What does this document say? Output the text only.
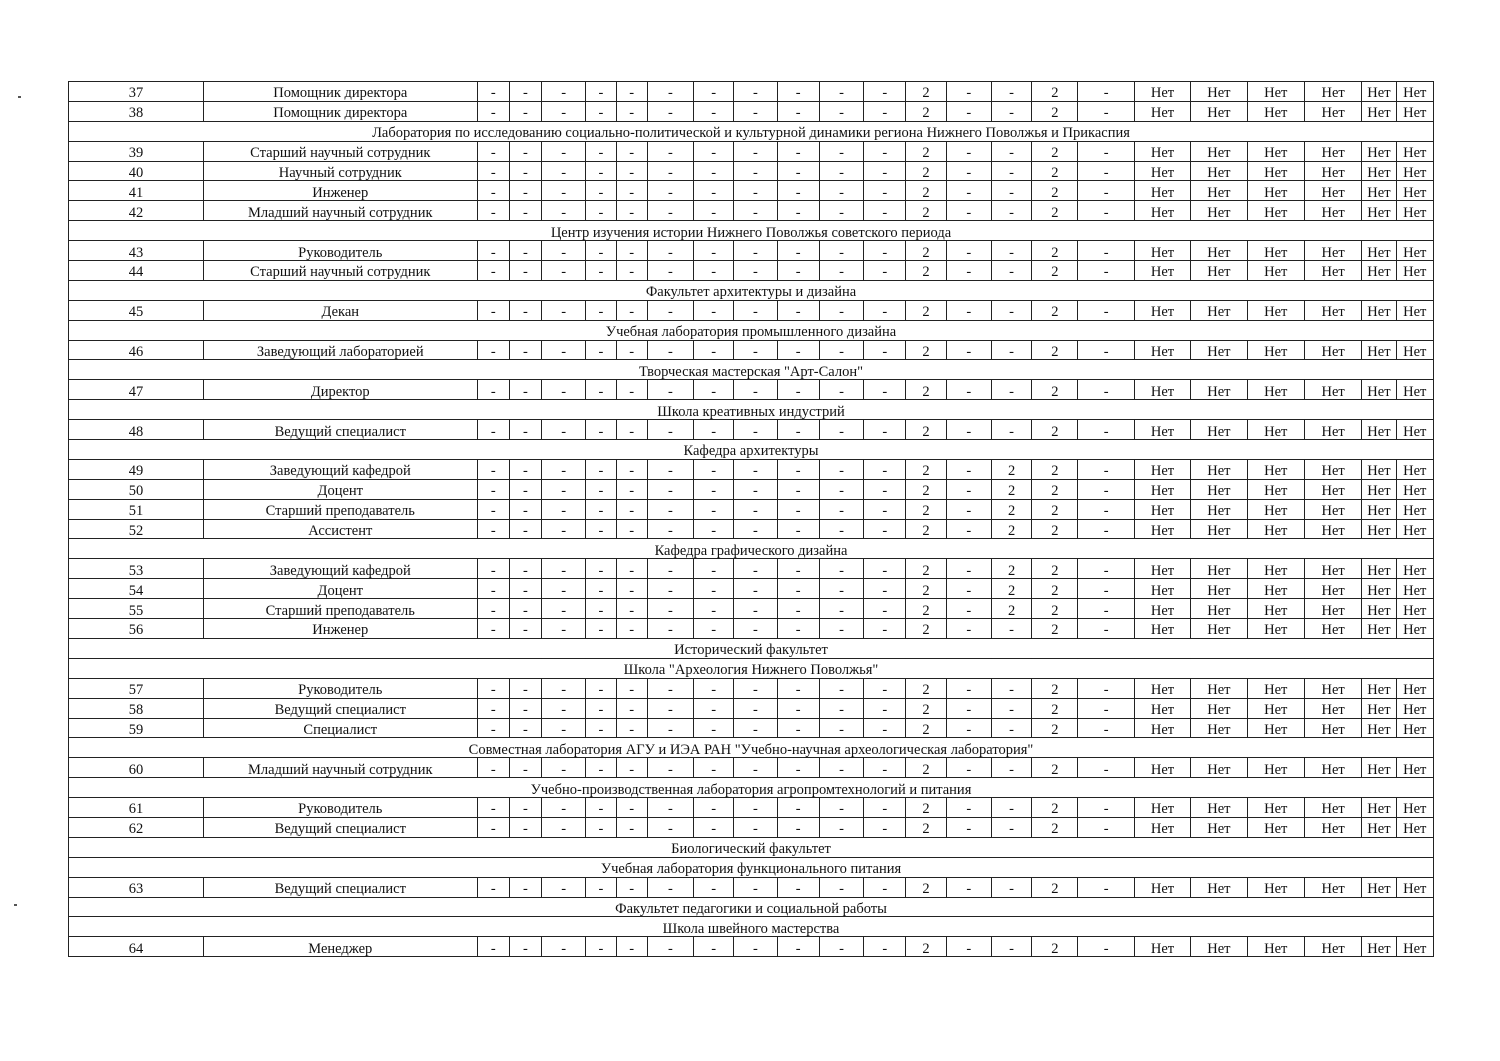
37	Помощник директора	-	-	-	-	-	-	-	-	-	-	-	2	-	-	2	-	Нет	Нет	Нет	Нет	Нет	Нет
38	Помощник директора	-	-	-	-	-	-	-	-	-	-	-	2	-	-	2	-	Нет	Нет	Нет	Нет	Нет	Нет
Лаборатория по исследованию социально-политической и культурной динамики региона Нижнего Поволжья и Прикаспия																							
39	Старший научный сотрудник	-	-	-	-	-	-	-	-	-	-	-	2	-	-	2	-	Нет	Нет	Нет	Нет	Нет	Нет
40	Научный сотрудник	-	-	-	-	-	-	-	-	-	-	-	2	-	-	2	-	Нет	Нет	Нет	Нет	Нет	Нет
41	Инженер	-	-	-	-	-	-	-	-	-	-	-	2	-	-	2	-	Нет	Нет	Нет	Нет	Нет	Нет
42	Младший научный сотрудник	-	-	-	-	-	-	-	-	-	-	-	2	-	-	2	-	Нет	Нет	Нет	Нет	Нет	Нет
Центр изучения истории Нижнего Поволжья советского периода																							
43	Руководитель	-	-	-	-	-	-	-	-	-	-	-	2	-	-	2	-	Нет	Нет	Нет	Нет	Нет	Нет
44	Старший научный сотрудник	-	-	-	-	-	-	-	-	-	-	-	2	-	-	2	-	Нет	Нет	Нет	Нет	Нет	Нет
Факультет архитектуры и дизайна																							
45	Декан	-	-	-	-	-	-	-	-	-	-	-	2	-	-	2	-	Нет	Нет	Нет	Нет	Нет	Нет
Учебная лаборатория промышленного дизайна																							
46	Заведующий лабораторией	-	-	-	-	-	-	-	-	-	-	-	2	-	-	2	-	Нет	Нет	Нет	Нет	Нет	Нет
Творческая мастерская "Арт-Салон"																							
47	Директор	-	-	-	-	-	-	-	-	-	-	-	2	-	-	2	-	Нет	Нет	Нет	Нет	Нет	Нет
Школа креативных индустрий																							
48	Ведущий специалист	-	-	-	-	-	-	-	-	-	-	-	2	-	-	2	-	Нет	Нет	Нет	Нет	Нет	Нет
Кафедра архитектуры																							
49	Заведующий кафедрой	-	-	-	-	-	-	-	-	-	-	-	2	-	2	2	-	Нет	Нет	Нет	Нет	Нет	Нет
50	Доцент	-	-	-	-	-	-	-	-	-	-	-	2	-	2	2	-	Нет	Нет	Нет	Нет	Нет	Нет
51	Старший преподаватель	-	-	-	-	-	-	-	-	-	-	-	2	-	2	2	-	Нет	Нет	Нет	Нет	Нет	Нет
52	Ассистент	-	-	-	-	-	-	-	-	-	-	-	2	-	2	2	-	Нет	Нет	Нет	Нет	Нет	Нет
Кафедра графического дизайна																							
53	Заведующий кафедрой	-	-	-	-	-	-	-	-	-	-	-	2	-	2	2	-	Нет	Нет	Нет	Нет	Нет	Нет
54	Доцент	-	-	-	-	-	-	-	-	-	-	-	2	-	2	2	-	Нет	Нет	Нет	Нет	Нет	Нет
55	Старший преподаватель	-	-	-	-	-	-	-	-	-	-	-	2	-	2	2	-	Нет	Нет	Нет	Нет	Нет	Нет
56	Инженер	-	-	-	-	-	-	-	-	-	-	-	2	-	-	2	-	Нет	Нет	Нет	Нет	Нет	Нет
Исторический факультет																							
Школа "Археология Нижнего Поволжья"																							
57	Руководитель	-	-	-	-	-	-	-	-	-	-	-	2	-	-	2	-	Нет	Нет	Нет	Нет	Нет	Нет
58	Ведущий специалист	-	-	-	-	-	-	-	-	-	-	-	2	-	-	2	-	Нет	Нет	Нет	Нет	Нет	Нет
59	Специалист	-	-	-	-	-	-	-	-	-	-	-	2	-	-	2	-	Нет	Нет	Нет	Нет	Нет	Нет
Совместная лаборатория АГУ и ИЭА РАН "Учебно-научная археологическая лаборатория"																							
60	Младший научный сотрудник	-	-	-	-	-	-	-	-	-	-	-	2	-	-	2	-	Нет	Нет	Нет	Нет	Нет	Нет
Учебно-производственная лаборатория агропромтехнологий и питания																							
61	Руководитель	-	-	-	-	-	-	-	-	-	-	-	2	-	-	2	-	Нет	Нет	Нет	Нет	Нет	Нет
62	Ведущий специалист	-	-	-	-	-	-	-	-	-	-	-	2	-	-	2	-	Нет	Нет	Нет	Нет	Нет	Нет
Биологический факультет																							
Учебная лаборатория функционального питания																							
63	Ведущий специалист	-	-	-	-	-	-	-	-	-	-	-	2	-	-	2	-	Нет	Нет	Нет	Нет	Нет	Нет
Факультет педагогики и социальной работы																							
Школа швейного мастерства																							
64	Менеджер	-	-	-	-	-	-	-	-	-	-	-	2	-	-	2	-	Нет	Нет	Нет	Нет	Нет	Нет
